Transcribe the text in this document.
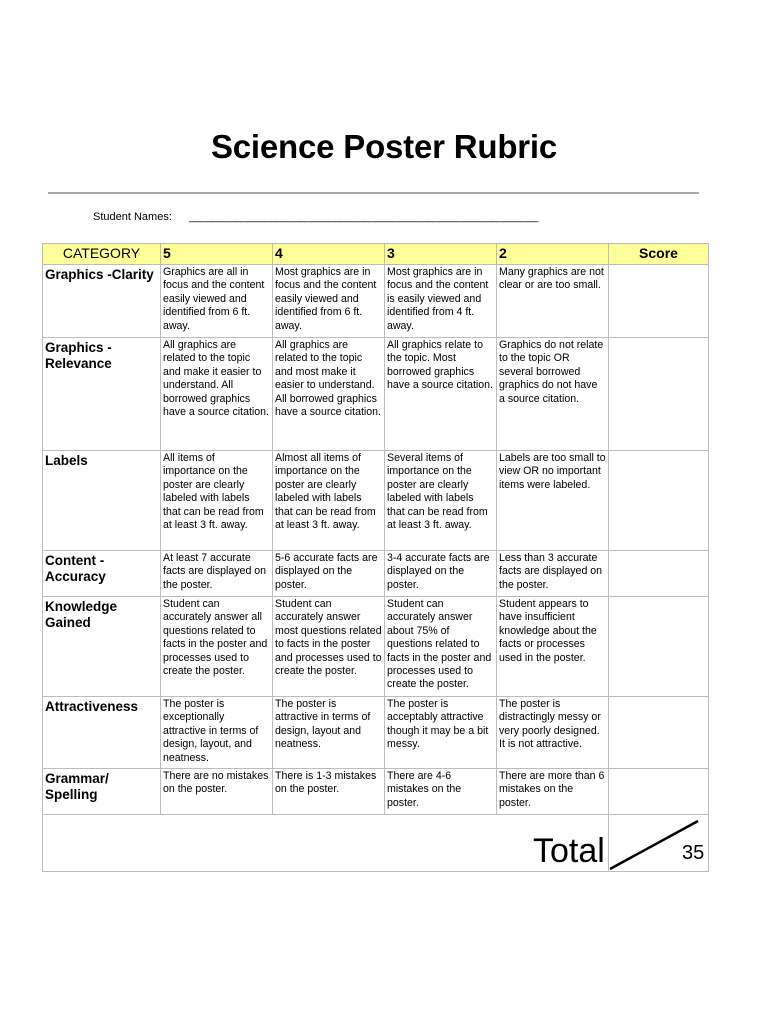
Science Poster Rubric
Student Names: ____________________________________________________________
CATEGORY	5	4	3	2	Score
Graphics -Clarity	Graphics are all in focus and the content easily viewed and identified from 6 ft. away.	Most graphics are in focus and the content easily viewed and identified from 6 ft. away.	Most graphics are in focus and the content is easily viewed and identified from 4 ft. away.	Many graphics are not clear or are too small.	
Graphics - Relevance	All graphics are related to the topic and make it easier to understand. All borrowed graphics have a source citation.	All graphics are related to the topic and most make it easier to understand. All borrowed graphics have a source citation.	All graphics relate to the topic. Most borrowed graphics have a source citation.	Graphics do not relate to the topic OR several borrowed graphics do not have a source citation.	
Labels	All items of importance on the poster are clearly labeled with labels that can be read from at least 3 ft. away.	Almost all items of importance on the poster are clearly labeled with labels that can be read from at least 3 ft. away.	Several items of importance on the poster are clearly labeled with labels that can be read from at least 3 ft. away.	Labels are too small to view OR no important items were labeled.	
Content - Accuracy	At least 7 accurate facts are displayed on the poster.	5-6 accurate facts are displayed on the poster.	3-4 accurate facts are displayed on the poster.	Less than 3 accurate facts are displayed on the poster.	
Knowledge Gained	Student can accurately answer all questions related to facts in the poster and processes used to create the poster.	Student can accurately answer most questions related to facts in the poster and processes used to create the poster.	Student can accurately answer about 75% of questions related to facts in the poster and processes used to create the poster.	Student appears to have insufficient knowledge about the facts or processes used in the poster.	
Attractiveness	The poster is exceptionally attractive in terms of design, layout, and neatness.	The poster is attractive in terms of design, layout and neatness.	The poster is acceptably attractive though it may be a bit messy.	The poster is distractingly messy or very poorly designed. It is not attractive.	
Grammar/ Spelling	There are no mistakes on the poster.	There is 1-3 mistakes on the poster.	There are 4-6 mistakes on the poster.	There are more than 6 mistakes on the poster.	

Total	35
